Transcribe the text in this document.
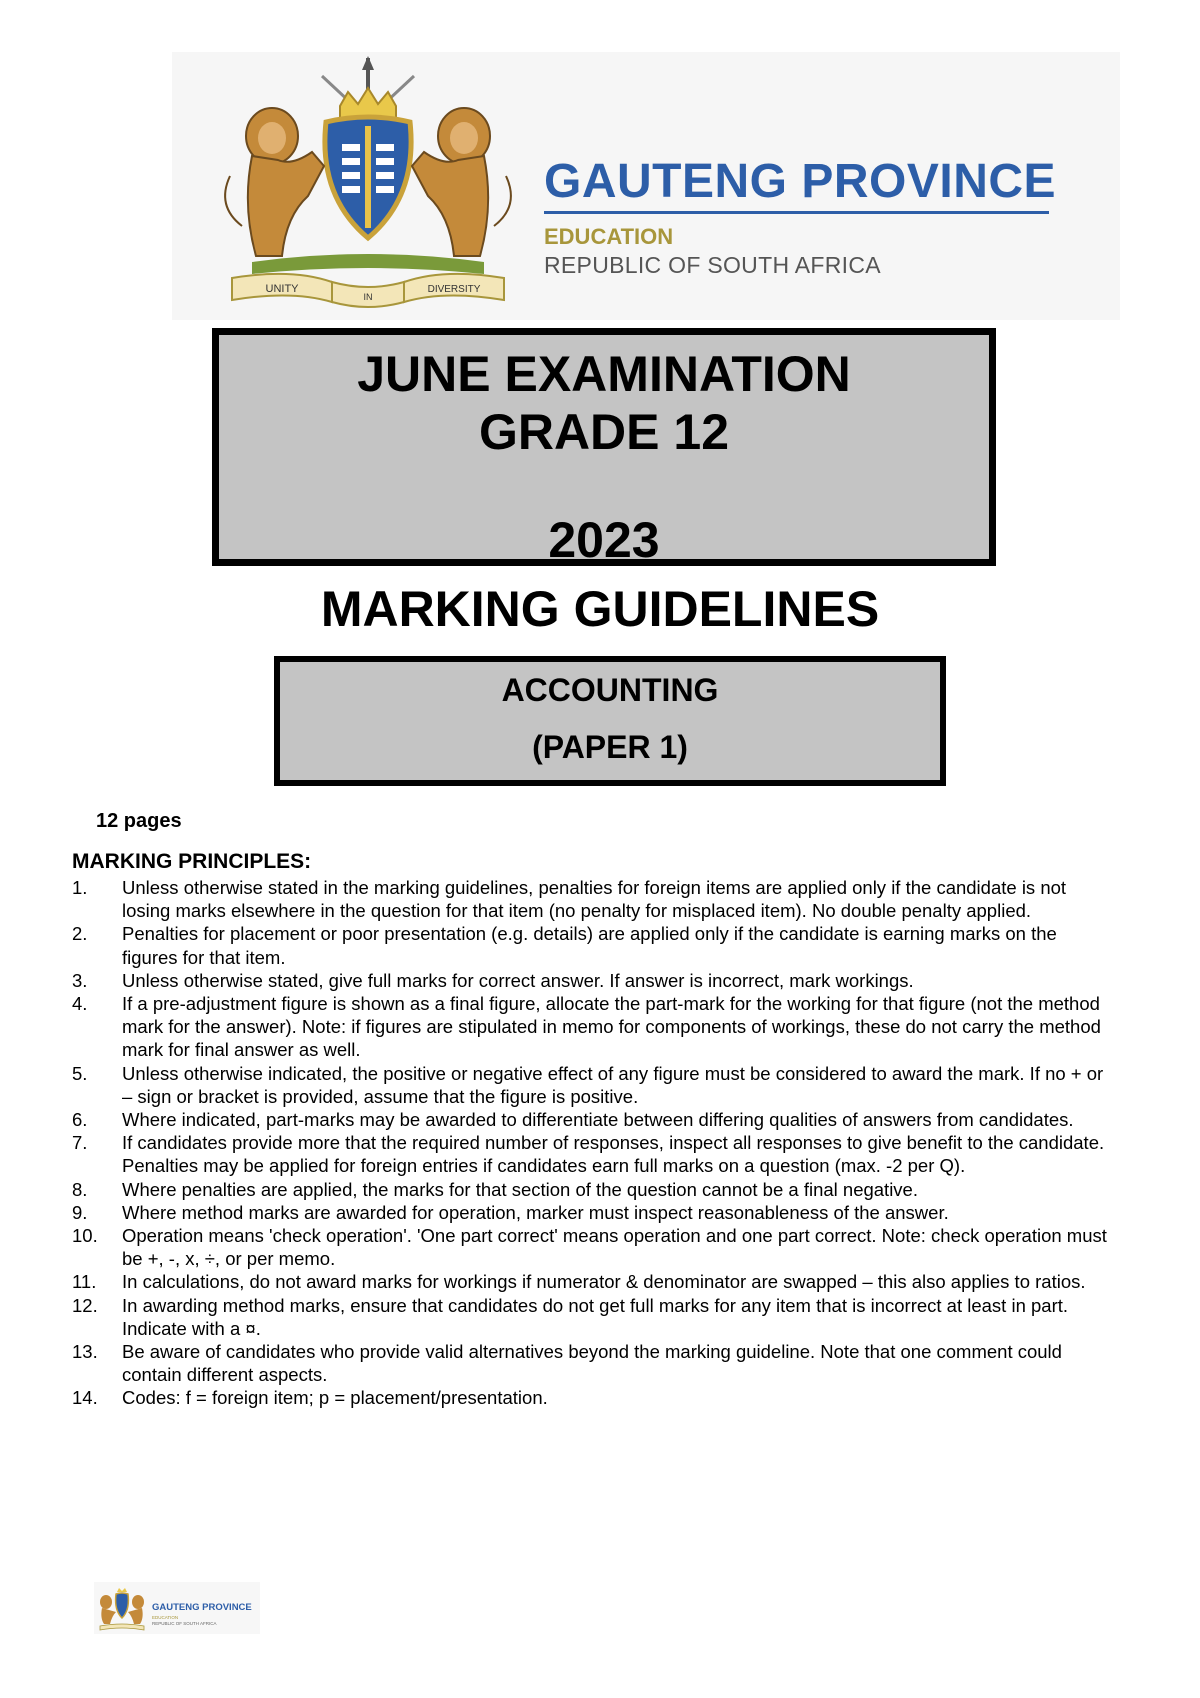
UNITY
IN
DIVERSITY
GAUTENG PROVINCE
EDUCATION
REPUBLIC OF SOUTH AFRICA
JUNE EXAMINATION
GRADE 12
2023
MARKING GUIDELINES
ACCOUNTING
(PAPER 1)
12 pages
MARKING PRINCIPLES:
1.	Unless otherwise stated in the marking guidelines, penalties for foreign items are applied only if the candidate is not losing marks elsewhere in the question for that item (no penalty for misplaced item). No double penalty applied.
2.	Penalties for placement or poor presentation (e.g. details) are applied only if the candidate is earning marks on the figures for that item.
3.	Unless otherwise stated, give full marks for correct answer. If answer is incorrect, mark workings.
4.	If a pre-adjustment figure is shown as a final figure, allocate the part-mark for the working for that figure (not the method mark for the answer). Note: if figures are stipulated in memo for components of workings, these do not carry the method mark for final answer as well.
5.	Unless otherwise indicated, the positive or negative effect of any figure must be considered to award the mark. If no + or – sign or bracket is provided, assume that the figure is positive.
6.	Where indicated, part-marks may be awarded to differentiate between differing qualities of answers from candidates.
7.	If candidates provide more that the required number of responses, inspect all responses to give benefit to the candidate. Penalties may be applied for foreign entries if candidates earn full marks on a question (max. -2 per Q).
8.	Where penalties are applied, the marks for that section of the question cannot be a final negative.
9.	Where method marks are awarded for operation, marker must inspect reasonableness of the answer.
10.	Operation means 'check operation'. 'One part correct' means operation and one part correct. Note: check operation must be +, -, x, ÷, or per memo.
11.	In calculations, do not award marks for workings if numerator & denominator are swapped – this also applies to ratios.
12.	In awarding method marks, ensure that candidates do not get full marks for any item that is incorrect at least in part. Indicate with a ¤.
13.	Be aware of candidates who provide valid alternatives beyond the marking guideline. Note that one comment could contain different aspects.
14.	Codes: f = foreign item; p = placement/presentation.
GAUTENG PROVINCE
EDUCATION
REPUBLIC OF SOUTH AFRICA
